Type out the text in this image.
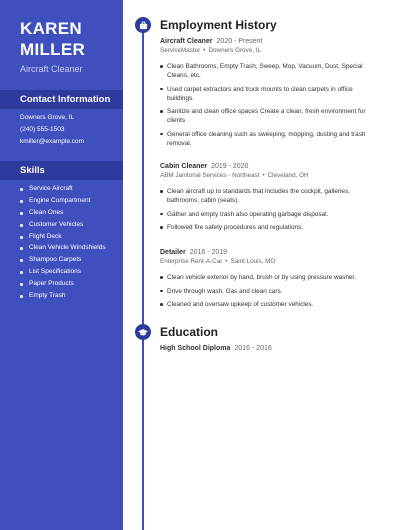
KAREN
MILLER
Aircraft Cleaner
Contact Information
Downers Grove, IL
(240) 555-1503
kmiller@example.com
Skills
Service Aircraft
Engine Compartment
Clean Ones
Customer Vehicles
Flight Deck
Clean Vehicle Windshields
Shampoo Carpets
List Specifications
Paper Products
Empty Trash
Employment History
Aircraft Cleaner 2020 - Present
ServiceMaster • Downers Grove, IL
Clean Bathrooms, Empty Trash, Sweep, Mop, Vacuum, Dust, Special Cleans, etc.
Used carpet extractors and truck mounts to clean carpets in office buildings.
Sanitize and clean office spaces Create a clean, fresh environment for clients
General office cleaning such as sweeping, mopping, dusting and trash removal.
Cabin Cleaner 2019 - 2020
ABM Janitorial Services - Northeast • Cleveland, OH
Clean aircraft up to standards that includes the cockpit, galleries, bathrooms, cabin (seats).
Gather and empty trash also operating garbage disposal.
Followed fire safety procedures and regulations.
Detailer 2016 - 2019
Enterprise Rent-A-Car • Saint Louis, MO
Clean vehicle exterior by hand, brush or by using pressure washer.
Drive through wash. Gas and clean cars.
Cleaned and oversaw upkeep of customer vehicles.
Education
High School Diploma 2016 - 2016
